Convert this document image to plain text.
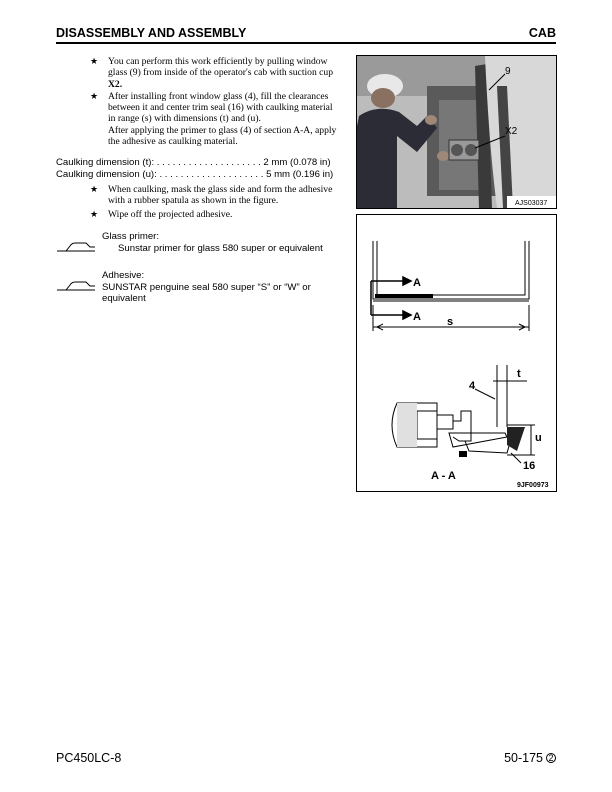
DISASSEMBLY AND ASSEMBLY	CAB
★ You can perform this work efficiently by pulling window

glass (9) from inside of the operator's cab with suction cup

X2.

★ After installing front window glass (4), fill the clearances

between it and center trim seal (16) with caulking material

in range (s) with dimensions (t) and (u).

After applying the primer to glass (4) of section A-A, apply

the adhesive as caulking material.

Caulking dimension (t): . . . . . . . . . . . . . . . . . . . . 2 mm (0.078 in)
Caulking dimension (u): . . . . . . . . . . . . . . . . . . . . 5 mm (0.196 in)
★ When caulking, mask the glass side and form the adhesive

with a rubber spatula as shown in the figure.

★ Wipe off the projected adhesive.

Glass primer:
Sunstar primer for glass 580 super or equivalent
Adhesive:
SUNSTAR penguine seal 580 super “S” or “W” or
equivalent
9
X2
AJS03037
A
A s
4
t
u
16
A - A
9JF00973
PC450LC-8	50-175 2
